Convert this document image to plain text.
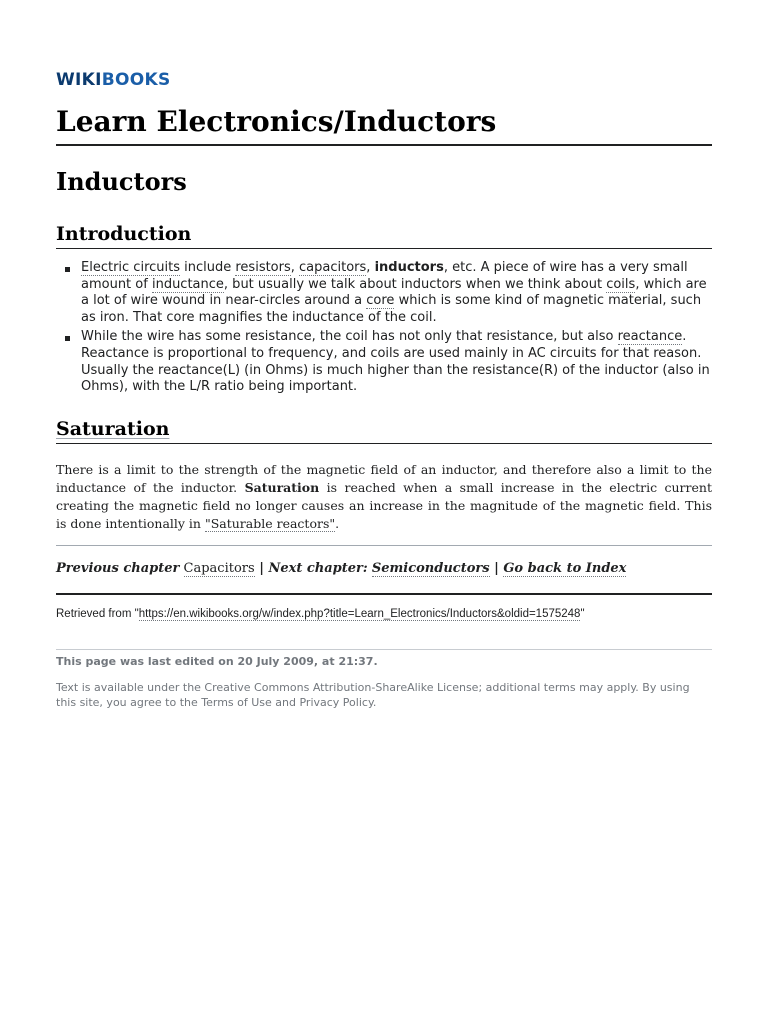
WIKIBOOKS
Learn Electronics/Inductors
Inductors
Introduction
Electric circuits include resistors, capacitors, inductors, etc. A piece of wire has a very small amount of inductance, but usually we talk about inductors when we think about coils, which are a lot of wire wound in near-circles around a core which is some kind of magnetic material, such as iron. That core magnifies the inductance of the coil.
While the wire has some resistance, the coil has not only that resistance, but also reactance. Reactance is proportional to frequency, and coils are used mainly in AC circuits for that reason. Usually the reactance(L) (in Ohms) is much higher than the resistance(R) of the inductor (also in Ohms), with the L/R ratio being important.
Saturation

There is a limit to the strength of the magnetic field of an inductor, and therefore also a limit to the inductance of the inductor. Saturation is reached when a small increase in the electric current creating the magnetic field no longer causes an increase in the magnitude of the magnetic field. This is done intentionally in "Saturable reactors".

Previous chapter Capacitors | Next chapter: Semiconductors | Go back to Index
Retrieved from "https://en.wikibooks.org/w/index.php?title=Learn_Electronics/Inductors&oldid=1575248"
This page was last edited on 20 July 2009, at 21:37.
Text is available under the Creative Commons Attribution-ShareAlike License; additional terms may apply. By using this site, you agree to the Terms of Use and Privacy Policy.
